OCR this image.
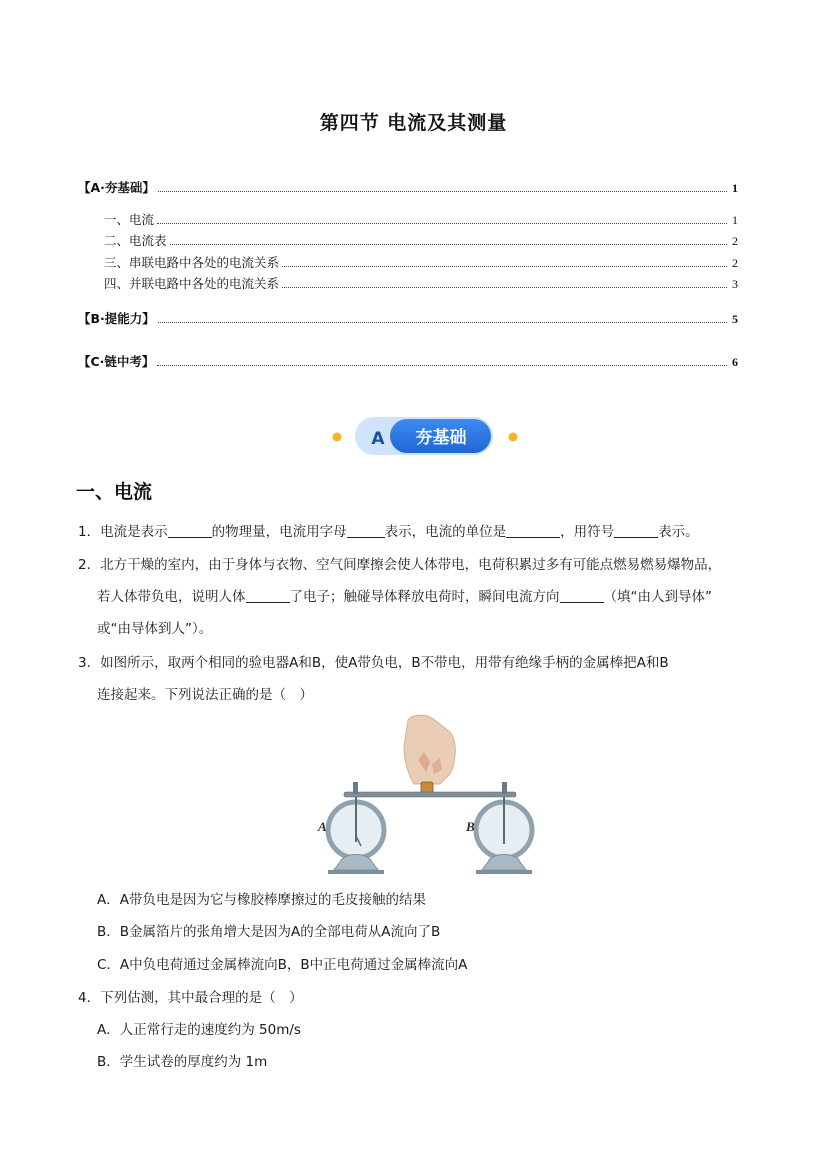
第四节 电流及其测量
【A·夯基础】	1
一、电流	1
二、电流表	2
三、串联电路中各处的电流关系	2
四、并联电路中各处的电流关系	3
【B·提能力】	5
【C·链中考】	6
A 夯基础
一、电流
1．电流是表示	的物理量，电流用字母	表示，电流的单位是	，用符号	表示。
2．北方干燥的室内，由于身体与衣物、空气间摩擦会使人体带电，电荷积累过多有可能点燃易燃易爆物品，
若人体带负电，说明人体	了电子；触碰导体释放电荷时，瞬间电流方向	（填“由人到导体”
或“由导体到人”）。
3．如图所示，取两个相同的验电器A和B，使A带负电，B不带电，用带有绝缘手柄的金属棒把A和B
连接起来。下列说法正确的是（　）
A	B
A．A带负电是因为它与橡胶棒摩擦过的毛皮接触的结果
B．B金属箔片的张角增大是因为A的全部电荷从A流向了B
C．A中负电荷通过金属棒流向B，B中正电荷通过金属棒流向A
4．下列估测，其中最合理的是（　）
A．人正常行走的速度约为 50m/s
B．学生试卷的厚度约为 1m
